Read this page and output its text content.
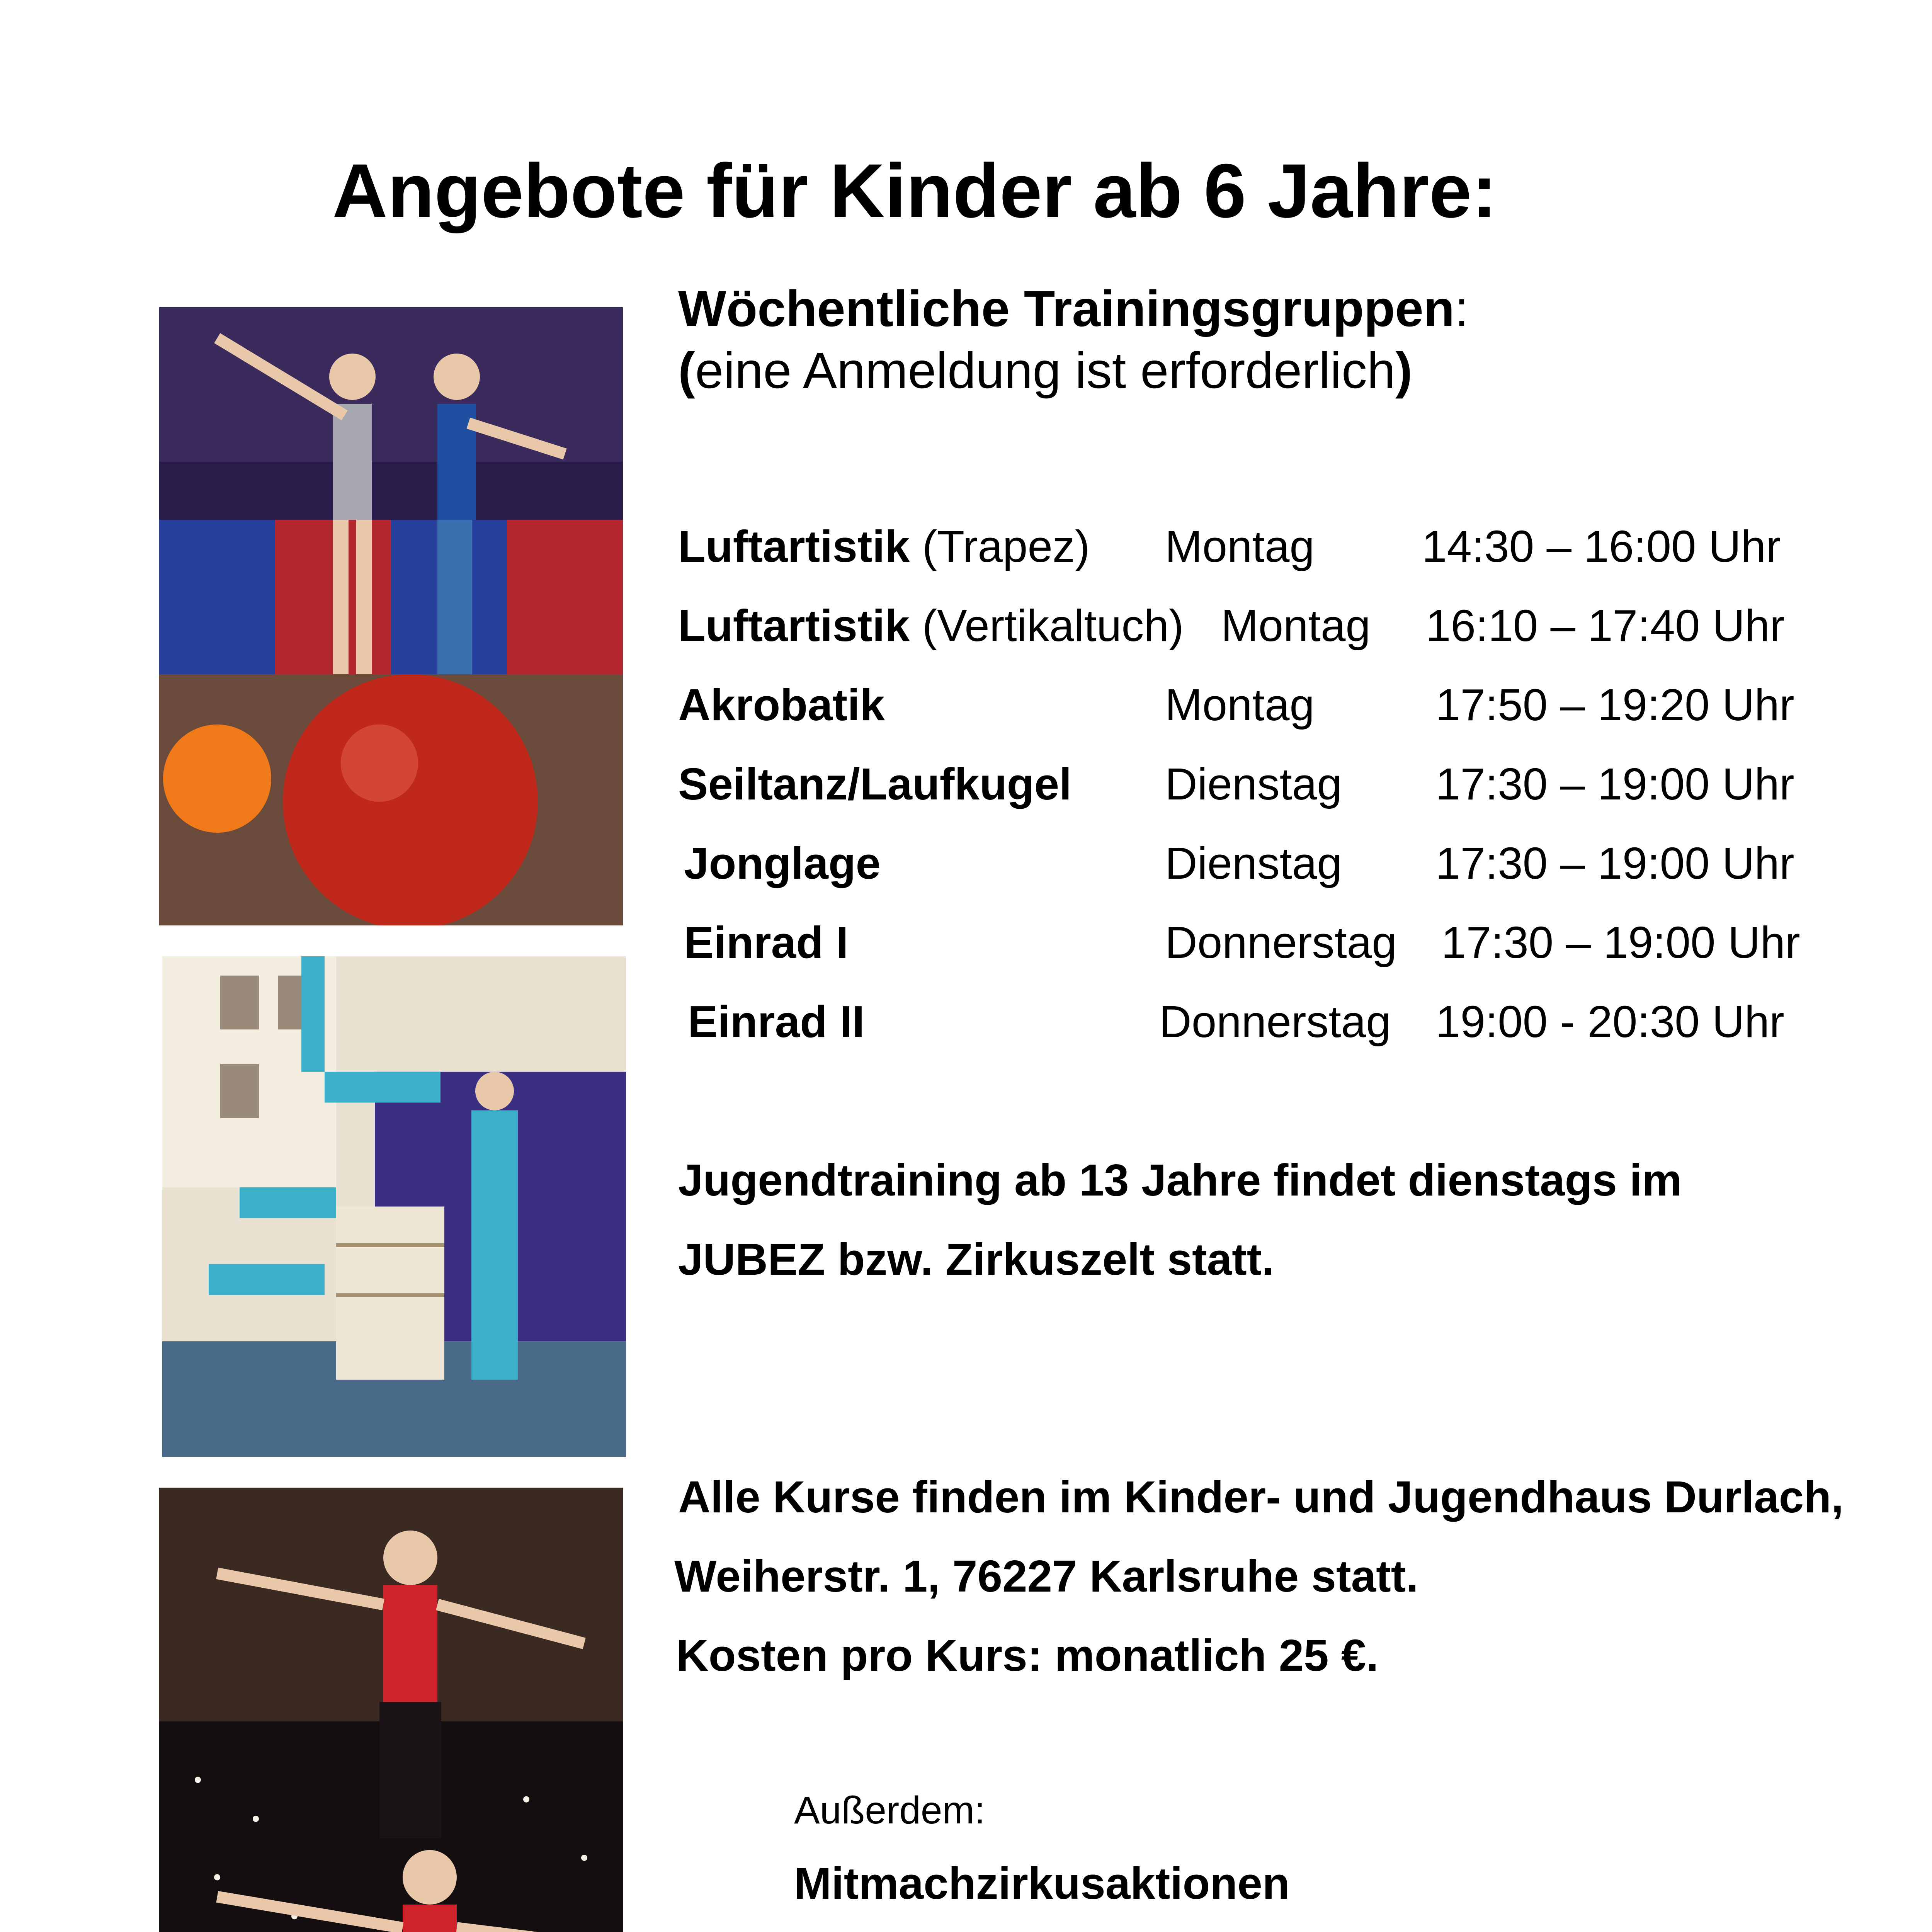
Angebote für Kinder ab 6 Jahre:
Wöchentliche Trainingsgruppen:
(eine Anmeldung ist erforderlich)
Luftartistik (Trapez) Montag 14:30 – 16:00 Uhr
Luftartistik (Vertikaltuch) Montag 16:10 – 17:40 Uhr
Akrobatik	Montag	17:50 – 19:20 Uhr
Seiltanz/Laufkugel Dienstag 17:30 – 19:00 Uhr
Jonglage	Dienstag 17:30 – 19:00 Uhr
Einrad I	Donnerstag 17:30 – 19:00 Uhr
Einrad II	Donnerstag 19:00 - 20:30 Uhr
Jugendtraining ab 13 Jahre findet dienstags im
JUBEZ bzw. Zirkuszelt statt.
Alle Kurse finden im Kinder- und Jugendhaus Durlach,
Weiherstr. 1, 76227 Karlsruhe statt.
Kosten pro Kurs: monatlich 25 €.
Außerdem:
Mitmachzirkusaktionen
